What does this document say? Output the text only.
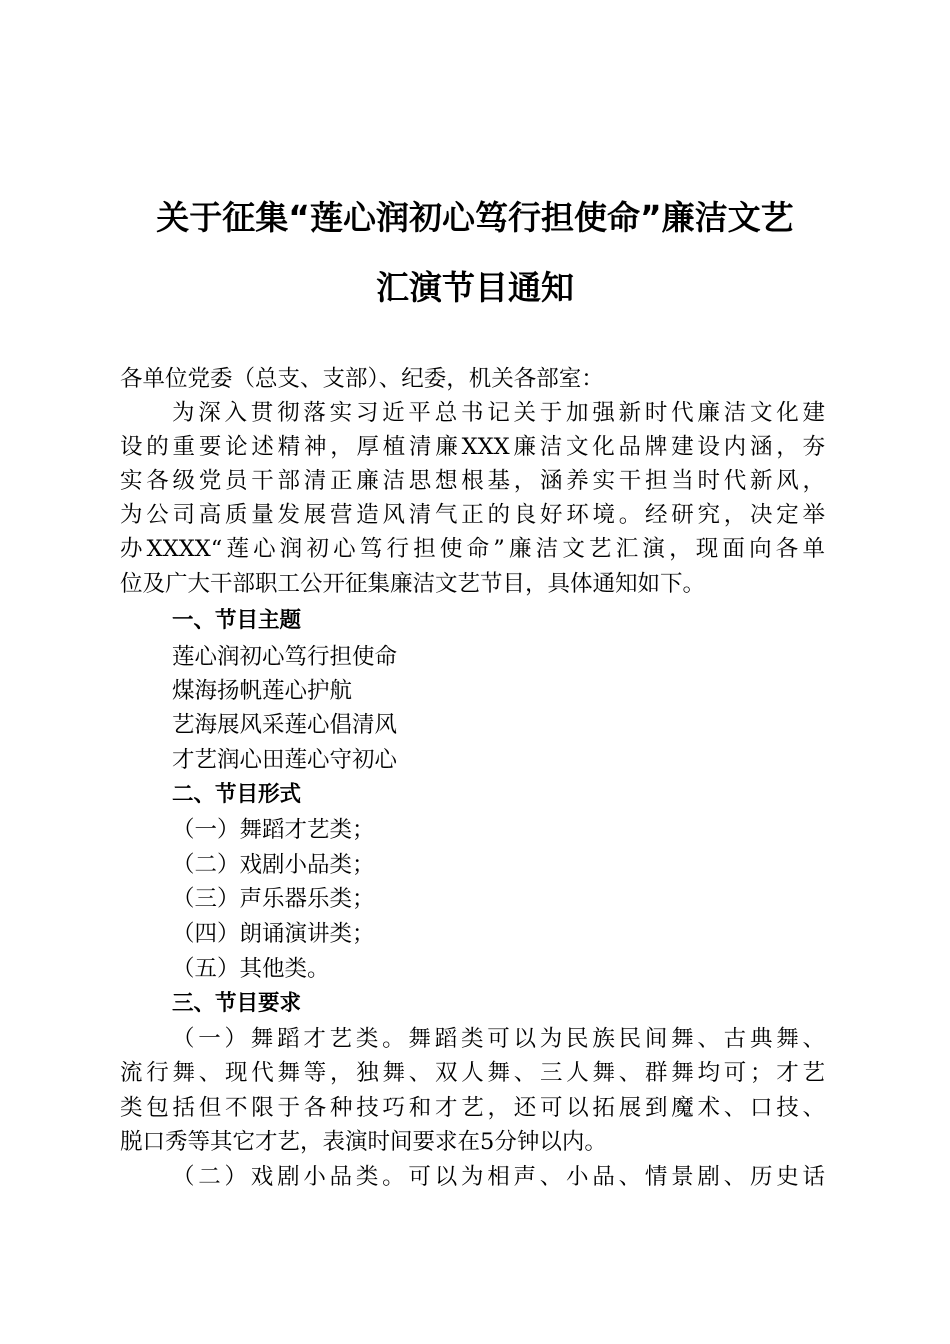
关于征集“莲心润初心笃行担使命”廉洁文艺
汇演节目通知
各单位党委（总支、支部）、纪委，机关各部室：
为深入贯彻落实习近平总书记关于加强新时代廉洁文化建
设的重要论述精神，厚植清廉XXX廉洁文化品牌建设内涵，夯
实各级党员干部清正廉洁思想根基，涵养实干担当时代新风，
为公司高质量发展营造风清气正的良好环境。经研究，决定举
办XXXX“莲心润初心笃行担使命”廉洁文艺汇演，现面向各单
位及广大干部职工公开征集廉洁文艺节目，具体通知如下。
一、节目主题
莲心润初心笃行担使命
煤海扬帆莲心护航
艺海展风采莲心倡清风
才艺润心田莲心守初心
二、节目形式
（一）舞蹈才艺类；
（二）戏剧小品类；
（三）声乐器乐类；
（四）朗诵演讲类；
（五）其他类。
三、节目要求
（一）舞蹈才艺类。舞蹈类可以为民族民间舞、古典舞、
流行舞、现代舞等，独舞、双人舞、三人舞、群舞均可；才艺
类包括但不限于各种技巧和才艺，还可以拓展到魔术、口技、
脱口秀等其它才艺，表演时间要求在5分钟以内。
（二）戏剧小品类。可以为相声、小品、情景剧、历史话
